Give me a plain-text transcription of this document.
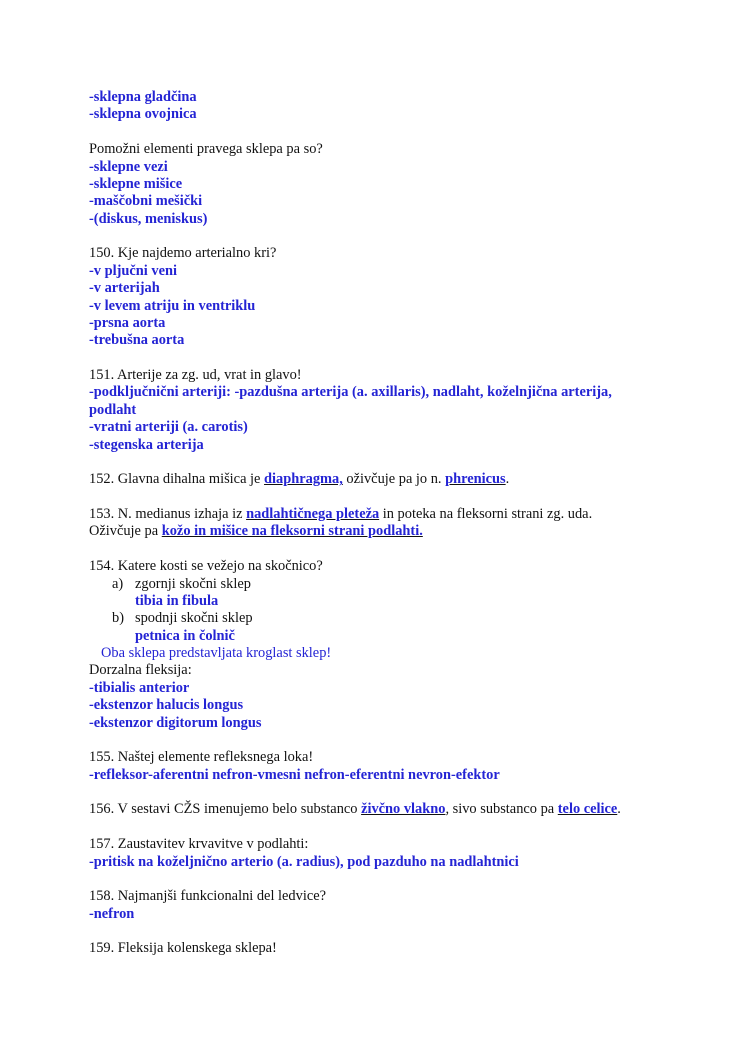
-sklepna gladčina
-sklepna ovojnica
Pomožni elementi pravega sklepa pa so?
-sklepne vezi
-sklepne mišice
-maščobni mešički
-(diskus, meniskus)
150. Kje najdemo arterialno kri?
-v pljučni veni
-v arterijah
-v levem atriju in ventriklu
-prsna aorta
-trebušna aorta
151. Arterije za zg. ud, vrat in glavo!
-podključnični arteriji: -pazdušna arterija (a. axillaris), nadlaht, koželnjična arterija,
podlaht
-vratni arteriji (a. carotis)
-stegenska arterija
152. Glavna dihalna mišica je diaphragma, oživčuje pa jo n. phrenicus.
153. N. medianus izhaja iz nadlahtičnega pleteža in poteka na fleksorni strani zg. uda.
Oživčuje pa kožo in mišice na fleksorni strani podlahti.
154. Katere kosti se vežejo na skočnico?
a) zgornji skočni sklep
tibia in fibula
b) spodnji skočni sklep
petnica in čolnič
Oba sklepa predstavljata kroglast sklep!
Dorzalna fleksija:
-tibialis anterior
-ekstenzor halucis longus
-ekstenzor digitorum longus
155. Naštej elemente refleksnega loka!
-refleksor-aferentni nefron-vmesni nefron-eferentni nevron-efektor
156. V sestavi CŽS imenujemo belo substanco živčno vlakno, sivo substanco pa telo celice.
157. Zaustavitev krvavitve v podlahti:
-pritisk na koželjnično arterio (a. radius), pod pazduho na nadlahtnici
158. Najmanjši funkcionalni del ledvice?
-nefron
159. Fleksija kolenskega sklepa!
